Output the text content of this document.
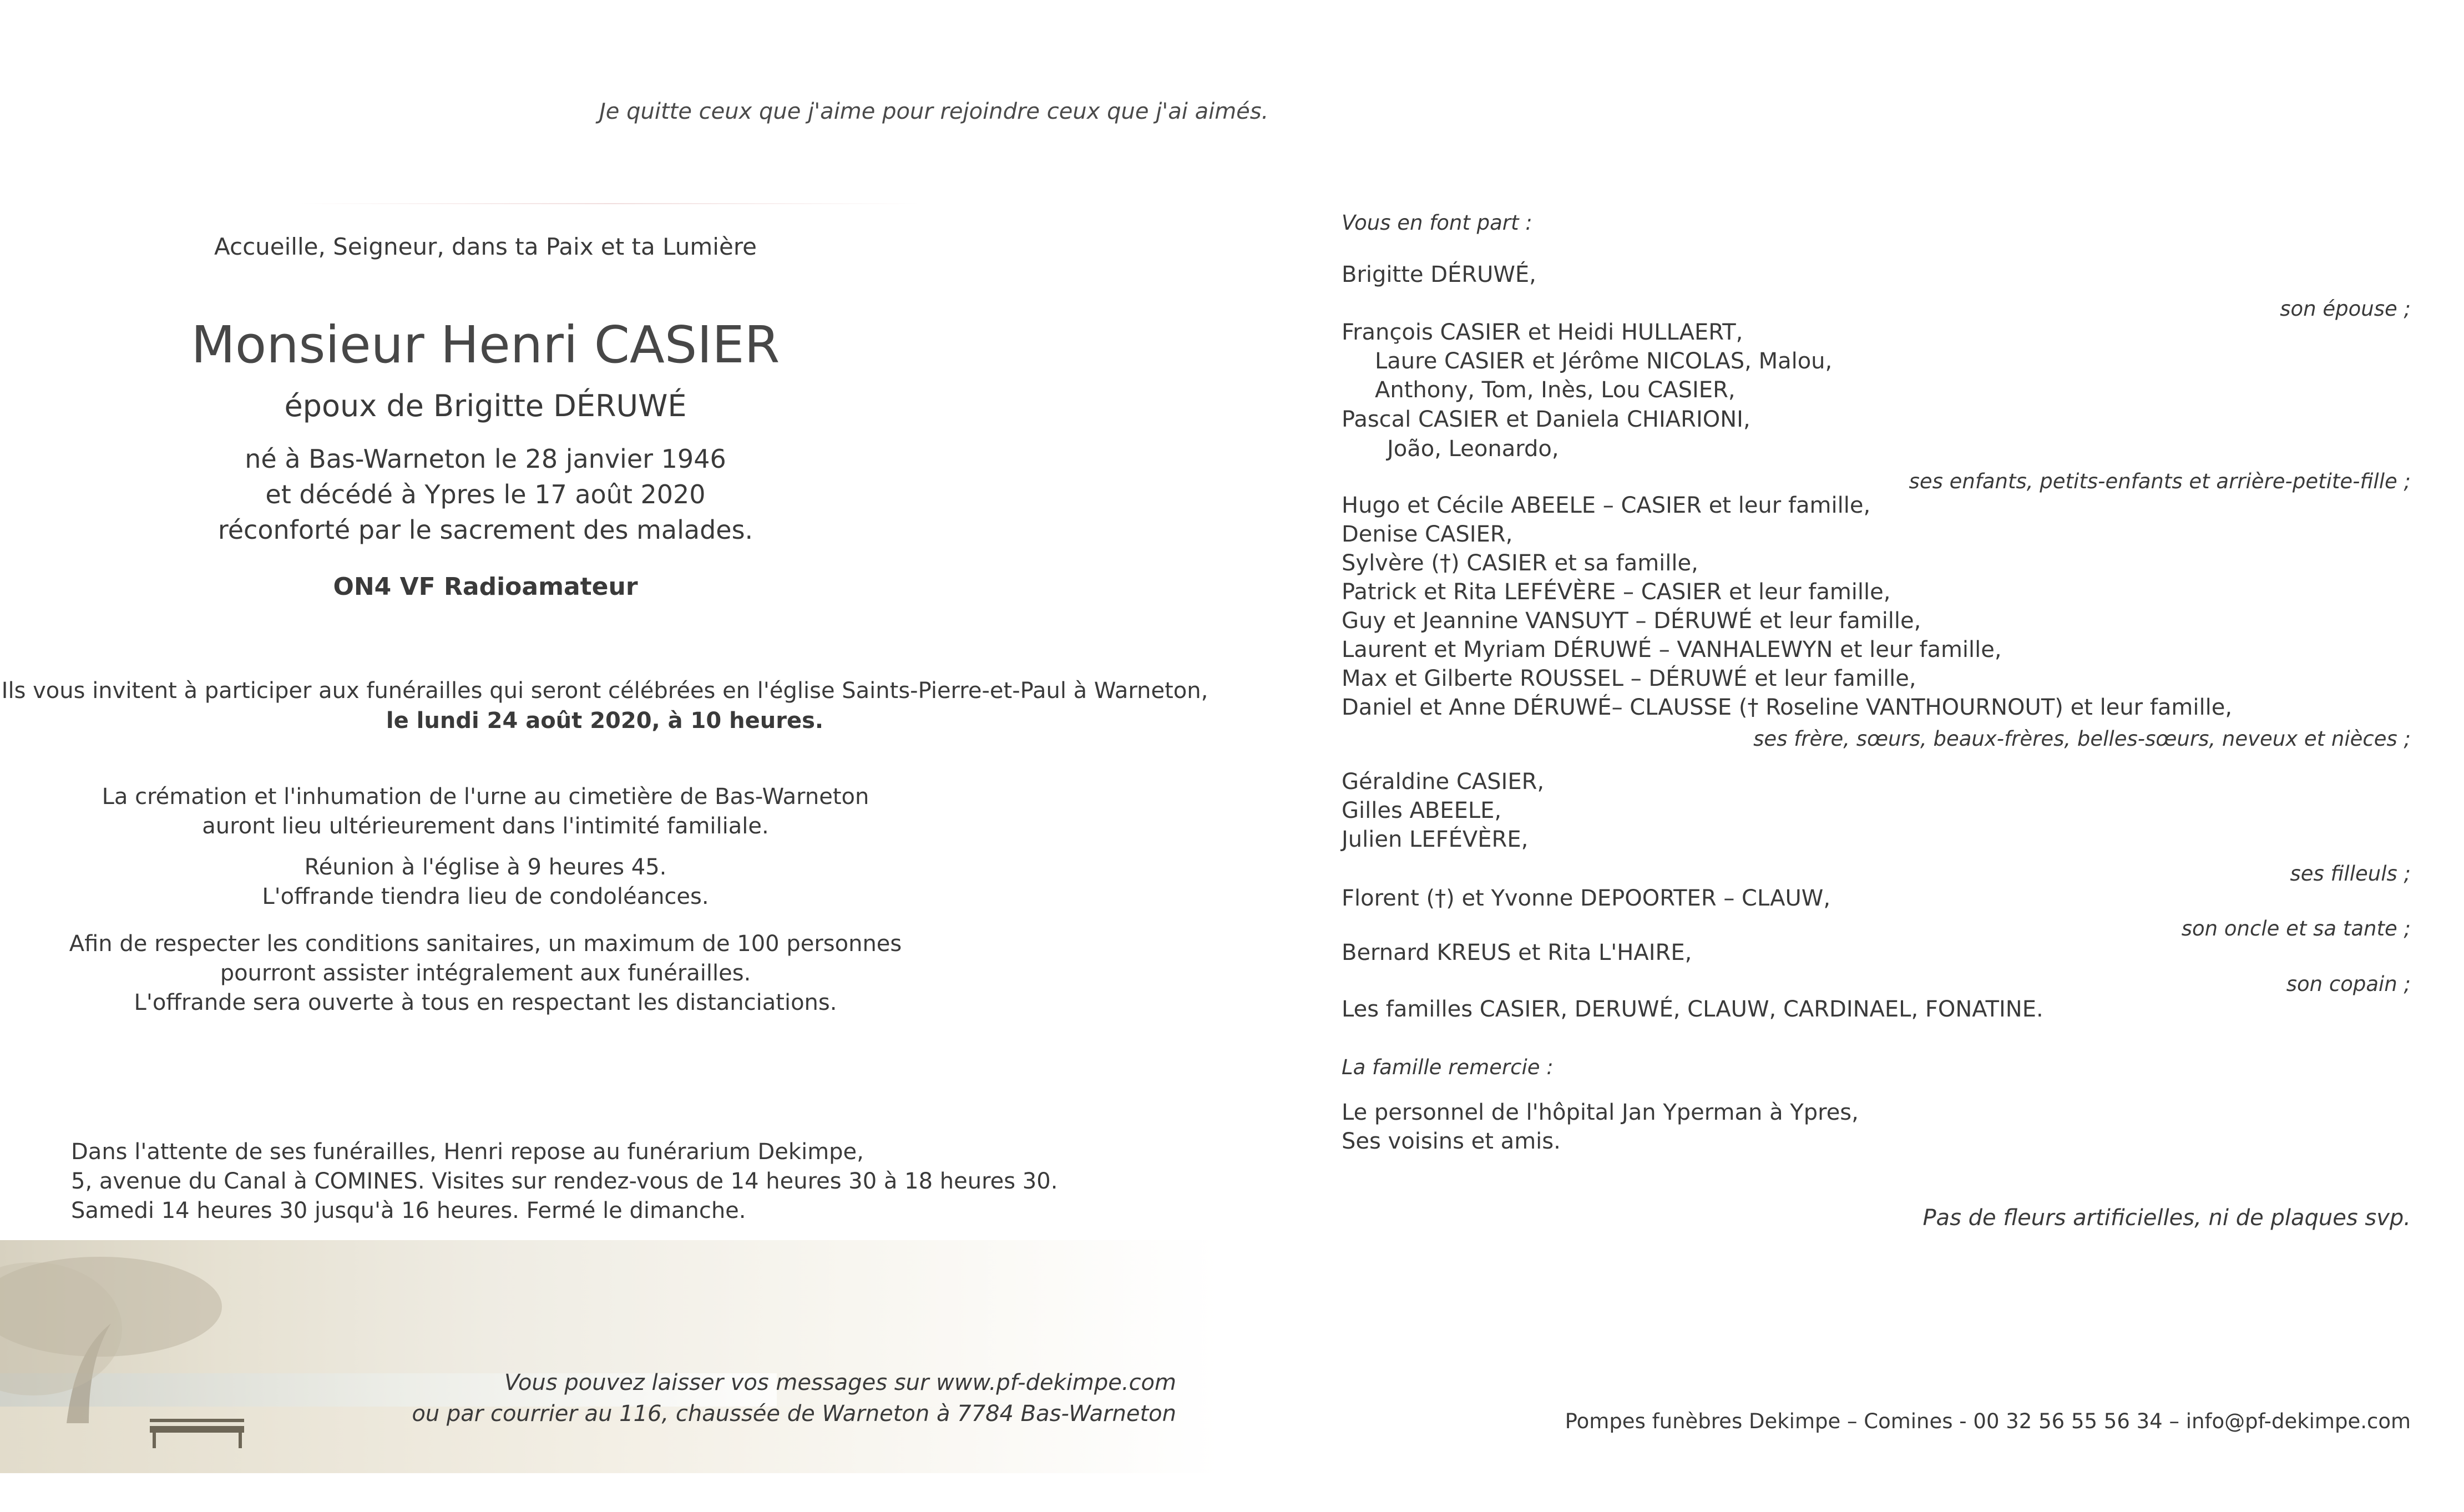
Je quitte ceux que j'aime pour rejoindre ceux que j'ai aimés.
Accueille, Seigneur, dans ta Paix et ta Lumière
Monsieur Henri CASIER
époux de Brigitte DÉRUWÉ
né à Bas-Warneton le 28 janvier 1946
et décédé à Ypres le 17 août 2020
réconforté par le sacrement des malades.
ON4 VF Radioamateur
Ils vous invitent à participer aux funérailles qui seront célébrées en l'église Saints-Pierre-et-Paul à Warneton,
le lundi 24 août 2020, à 10 heures.
La crémation et l'inhumation de l'urne au cimetière de Bas-Warneton
auront lieu ultérieurement dans l'intimité familiale.
Réunion à l'église à 9 heures 45.
L'offrande tiendra lieu de condoléances.
Afin de respecter les conditions sanitaires, un maximum de 100 personnes
pourront assister intégralement aux funérailles.
L'offrande sera ouverte à tous en respectant les distanciations.
Dans l'attente de ses funérailles, Henri repose au funérarium Dekimpe,
5, avenue du Canal à COMINES. Visites sur rendez-vous de 14 heures 30 à 18 heures 30.
Samedi 14 heures 30 jusqu'à 16 heures. Fermé le dimanche.
Vous pouvez laisser vos messages sur www.pf-dekimpe.com
ou par courrier au 116, chaussée de Warneton à 7784 Bas-Warneton
Vous en font part :
Brigitte DÉRUWÉ,
son épouse ;
François CASIER et Heidi HULLAERT,
Laure CASIER et Jérôme NICOLAS, Malou,
Anthony, Tom, Inès, Lou CASIER,
Pascal CASIER et Daniela CHIARIONI,
João, Leonardo,
ses enfants, petits-enfants et arrière-petite-fille ;
Hugo et Cécile ABEELE – CASIER et leur famille,
Denise CASIER,
Sylvère (†) CASIER et sa famille,
Patrick et Rita LEFÉVÈRE – CASIER et leur famille,
Guy et Jeannine VANSUYT – DÉRUWÉ et leur famille,
Laurent et Myriam DÉRUWÉ – VANHALEWYN et leur famille,
Max et Gilberte ROUSSEL – DÉRUWÉ et leur famille,
Daniel et Anne DÉRUWÉ– CLAUSSE († Roseline VANTHOURNOUT) et leur famille,
ses frère, sœurs, beaux-frères, belles-sœurs, neveux et nièces ;
Géraldine CASIER,
Gilles ABEELE,
Julien LEFÉVÈRE,
ses filleuls ;
Florent (†) et Yvonne DEPOORTER – CLAUW,
son oncle et sa tante ;
Bernard KREUS et Rita L'HAIRE,
son copain ;
Les familles CASIER, DERUWÉ, CLAUW, CARDINAEL, FONATINE.
La famille remercie :
Le personnel de l'hôpital Jan Yperman à Ypres,
Ses voisins et amis.
Pas de fleurs artificielles, ni de plaques svp.
Pompes funèbres Dekimpe – Comines - 00 32 56 55 56 34 – info@pf-dekimpe.com
